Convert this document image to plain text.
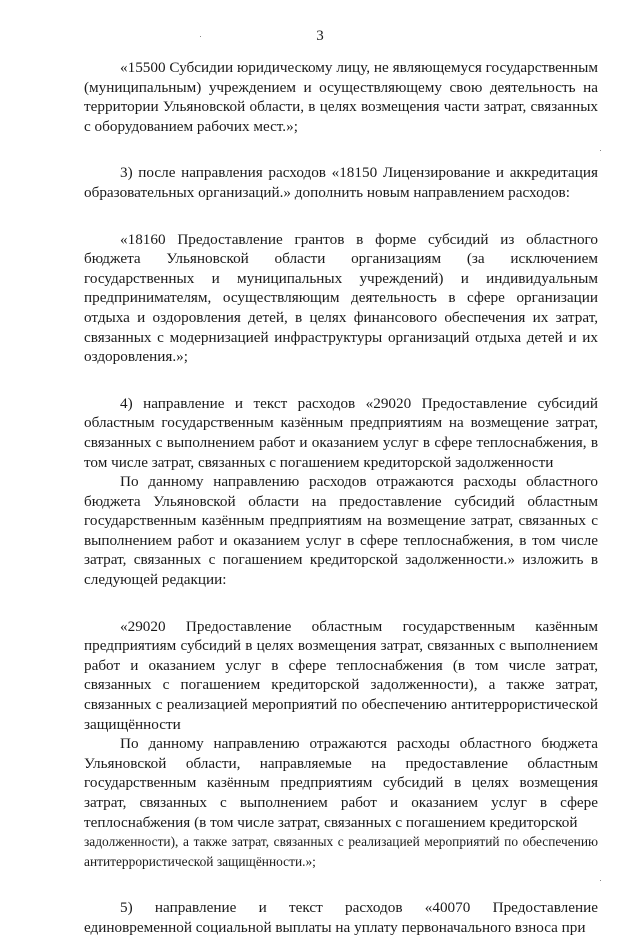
3

«15500 Субсидии юридическому лицу, не являющемуся государственным (муниципальным) учреждением и осуществляющему свою деятельность на территории Ульяновской области, в целях возмещения части затрат, связанных с оборудованием рабочих мест.»;

3) после направления расходов «18150 Лицензирование и аккредитация образовательных организаций.» дополнить новым направлением расходов:

«18160 Предоставление грантов в форме субсидий из областного бюджета Ульяновской области организациям (за исключением государственных и муниципальных учреждений) и индивидуальным предпринимателям, осуществляющим деятельность в сфере организации отдыха и оздоровления детей, в целях финансового обеспечения их затрат, связанных с модернизацией инфраструктуры организаций отдыха детей и их оздоровления.»;

4) направление и текст расходов «29020 Предоставление субсидий областным государственным казённым предприятиям на возмещение затрат, связанных с выполнением работ и оказанием услуг в сфере теплоснабжения, в том числе затрат, связанных с погашением кредиторской задолженности

По данному направлению расходов отражаются расходы областного бюджета Ульяновской области на предоставление субсидий областным государственным казённым предприятиям на возмещение затрат, связанных с выполнением работ и оказанием услуг в сфере теплоснабжения, в том числе затрат, связанных с погашением кредиторской задолженности.» изложить в следующей редакции:

«29020 Предоставление областным государственным казённым предприятиям субсидий в целях возмещения затрат, связанных с выполнением работ и оказанием услуг в сфере теплоснабжения (в том числе затрат, связанных с погашением кредиторской задолженности), а также затрат, связанных с реализацией мероприятий по обеспечению антитеррористической защищённости

По данному направлению отражаются расходы областного бюджета Ульяновской области, направляемые на предоставление областным государственным казённым предприятиям субсидий в целях возмещения затрат, связанных с выполнением работ и оказанием услуг в сфере теплоснабжения (в том числе затрат, связанных с погашением кредиторской

задолженности), а также затрат, связанных с реализацией мероприятий по обеспечению антитеррористической защищённости.»;

5) направление и текст расходов «40070 Предоставление единовременной социальной выплаты на уплату первоначального взноса при
